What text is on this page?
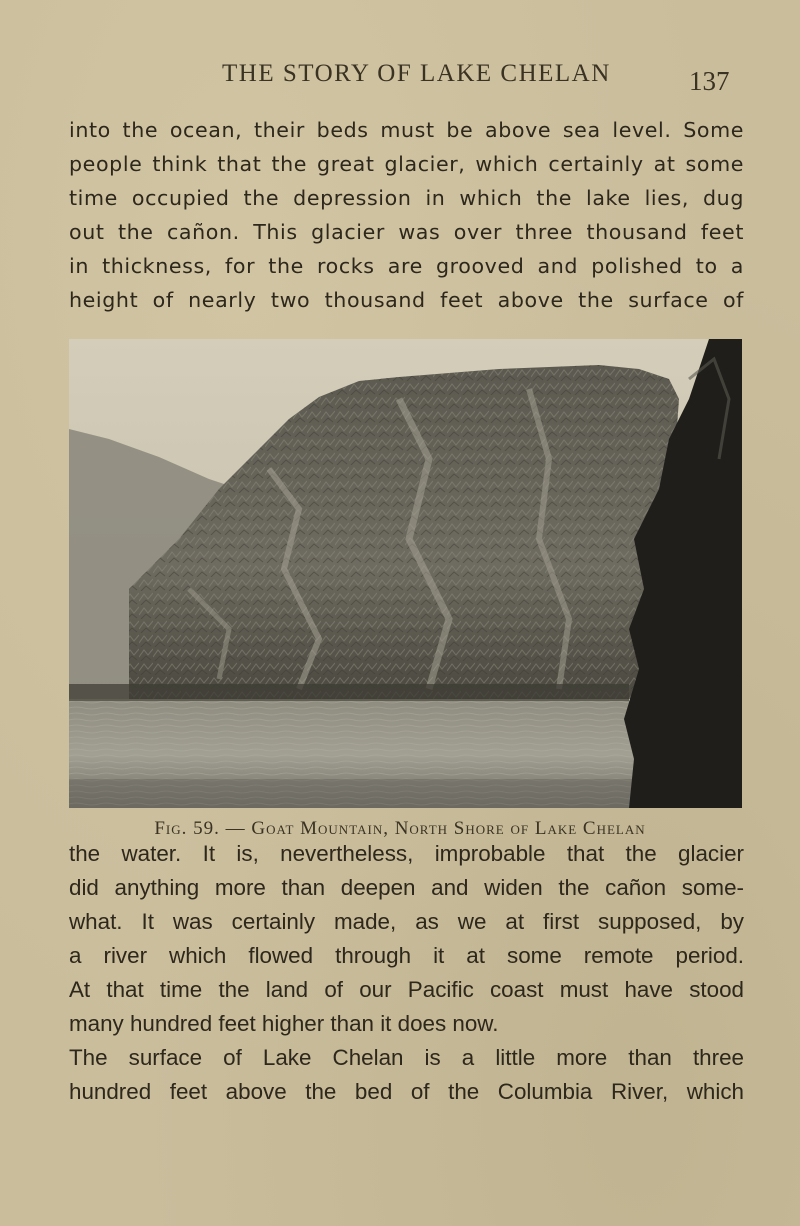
THE STORY OF LAKE CHELAN	137
into the ocean, their beds must be above sea level. Some
people think that the great glacier, which certainly at some
time occupied the depression in which the lake lies, dug
out the cañon. This glacier was over three thousand feet
in thickness, for the rocks are grooved and polished to a
height of nearly two thousand feet above the surface of
Fig. 59. — Goat Mountain, North Shore of Lake Chelan
the water. It is, nevertheless, improbable that the glacier
did anything more than deepen and widen the cañon some-
what. It was certainly made, as we at first supposed, by
a river which flowed through it at some remote period.
At that time the land of our Pacific coast must have stood
many hundred feet higher than it does now.
The surface of Lake Chelan is a little more than three
hundred feet above the bed of the Columbia River, which
